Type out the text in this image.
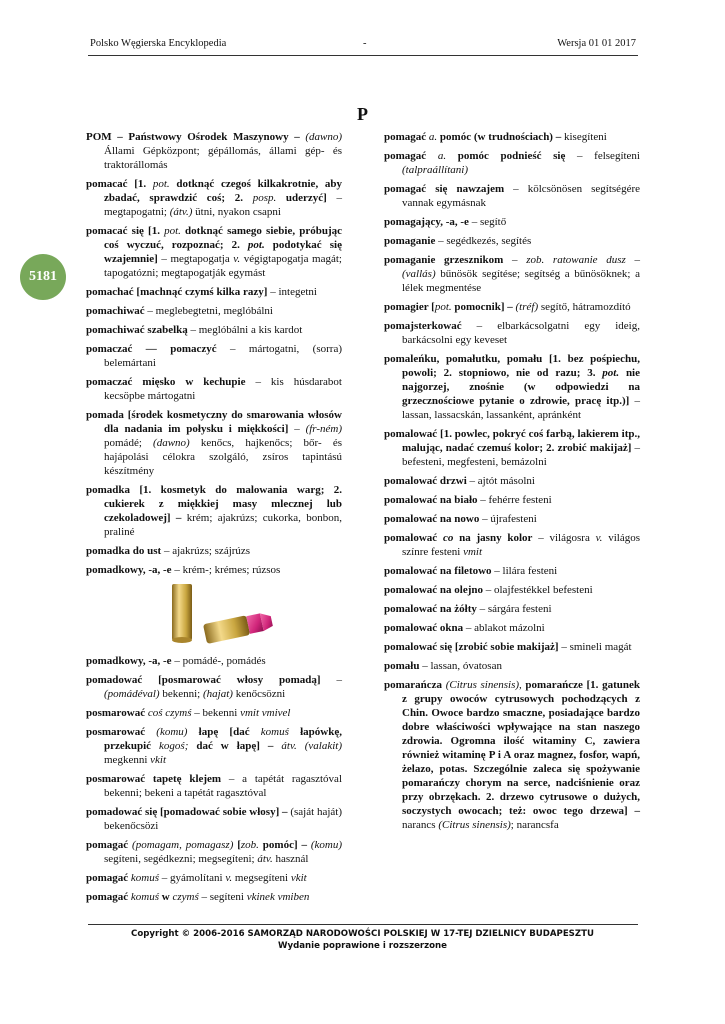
Polsko Węgierska Encyklopedia	-	Wersja 01 01 2017
P
5181
POM – Państwowy Ośrodek Maszynowy – (dawno) Állami Gépközpont; gépállomás, állami gép- és traktorállomás
pomacać [1. pot. dotknąć czegoś kilkakrotnie, aby zbadać, sprawdzić coś; 2. posp. uderzyć] – megtapogatni; (átv.) ütni, nyakon csapni
pomacać się [1. pot. dotknąć samego siebie, próbując coś wyczuć, rozpoznać; 2. pot. podotykać się wzajemnie] – megtapogatja v. végigtapogatja magát; tapogatózni; megtapogatják egymást
pomachać [machnąć czymś kilka razy] – integetni
pomachiwać – meglebegtetni, meglóbálni
pomachiwać szabelką – meglóbálni a kis kardot
pomaczać — pomaczyć – mártogatni, (sorra) belemártani
pomaczać mięsko w kechupie – kis húsdarabot kecsöpbe mártogatni
pomada [środek kosmetyczny do smarowania włosów dla nadania im połysku i miękkości] – (fr-ném) pomádé; (dawno) kenőcs, hajkenőcs; bőr- és hajápolási célokra szolgáló, zsíros tapintású készítmény
pomadka [1. kosmetyk do malowania warg; 2. cukierek z miękkiej masy mlecznej lub czekoladowej] – krém; ajakrúzs; cukorka, bonbon, praliné
pomadka do ust – ajakrúzs; szájrúzs
pomadkowy, -a, -e – krém-; krémes; rúzsos
pomadkowy, -a, -e – pomádé-, pomádés
pomadować [posmarować włosy pomadą] – (pomádéval) bekenni; (hajat) kenőcsözni
posmarować coś czymś – bekenni vmit vmivel
posmarować (komu) łapę [dać komuś łapówkę, przekupić kogoś; dać w łapę] – átv. (valakit) megkenni vkit
posmarować tapetę klejem – a tapétát ragasztóval bekenni; bekeni a tapétát ragasztóval
pomadować się [pomadować sobie włosy] – (saját haját) bekenőcsözi
pomagać (pomagam, pomagasz) [zob. pomóc] – (komu) segíteni, segédkezni; megsegíteni; átv. használ
pomagać komuś – gyámolítani v. megsegíteni vkit
pomagać komuś w czymś – segíteni vkinek vmiben
pomagać a. pomóc (w trudnościach) – kisegíteni
pomagać a. pomóc podnieść się – felsegíteni (talpraállítani)
pomagać się nawzajem – kölcsönösen segítségére vannak egymásnak
pomagający, -a, -e – segítő
pomaganie – segédkezés, segítés
pomaganie grzesznikom – zob. ratowanie dusz – (vallás) bűnösök segítése; segítség a bűnösöknek; a lélek megmentése
pomagier [pot. pomocnik] – (tréf) segítő, hátramozdító
pomajsterkować – elbarkácsolgatni egy ideig, barkácsolni egy keveset
pomaleńku, pomałutku, pomału [1. bez pośpiechu, powoli; 2. stopniowo, nie od razu; 3. pot. nie najgorzej, znośnie (w odpowiedzi na grzecznościowe pytanie o zdrowie, pracę itp.)] – lassan, lassacskán, lassanként, apránként
pomalować [1. powlec, pokryć coś farbą, lakierem itp., malując, nadać czemuś kolor; 2. zrobić makijaż] – befesteni, megfesteni, bemázolni
pomalować drzwi – ajtót másolni
pomalować na biało – fehérre festeni
pomalować na nowo – újrafesteni
pomalować co na jasny kolor – világosra v. világos színre festeni vmit
pomalować na filetowo – lilára festeni
pomalować na olejno – olajfestékkel befesteni
pomalować na żółty – sárgára festeni
pomalować okna – ablakot mázolni
pomalować się [zrobić sobie makijaż] – smineli magát
pomału – lassan, óvatosan
pomarańcza (Citrus sinensis), pomarańcze [1. gatunek z grupy owoców cytrusowych pochodzących z Chin. Owoce bardzo smaczne, posiadające bardzo dobre właściwości wpływające na stan naszego zdrowia. Ogromna ilość witaminy C, zawiera również witaminę P i A oraz magnez, fosfor, wapń, żelazo, potas. Szczególnie zaleca się spożywanie pomarańczy chorym na serce, nadciśnienie oraz przy obrzękach. 2. drzewo cytrusowe o dużych, soczystych owocach; też: owoc tego drzewa] – narancs (Citrus sinensis); narancsfa
Copyright © 2006-2016 SAMORZĄD NARODOWOŚCI POLSKIEJ W 17-TEJ DZIELNICY BUDAPESZTU
Wydanie poprawione i rozszerzone
